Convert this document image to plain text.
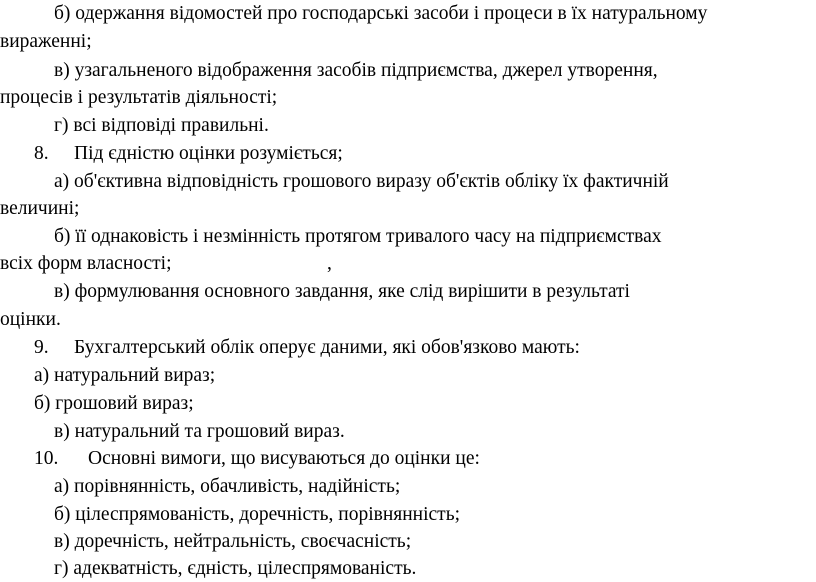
б) одержання відомостей про господарські засоби і процеси в їх натуральному
вираженні;
в) узагальненого відображення засобів підприємства, джерел утворення,
процесів і результатів діяльності;
г) всі відповіді правильні.
8. Під єдністю оцінки розуміється;
а) об'єктивна відповідність грошового виразу об'єктів обліку їх фактичній
величині;
б) її однаковість і незмінність протягом тривалого часу на підприємствах
всіх форм власності;	,
в) формулювання основного завдання, яке слід вирішити в результаті
оцінки.
9. Бухгалтерський облік оперує даними, які обов'язково мають:
а) натуральний вираз;
б) грошовий вираз;
в) натуральний та грошовий вираз.
10. Основні вимоги, що висуваються до оцінки це:
а) порівнянність, обачливість, надійність;
б) цілеспрямованість, доречність, порівнянність;
в) доречність, нейтральність, своєчасність;
г) адекватність, єдність, цілеспрямованість.
